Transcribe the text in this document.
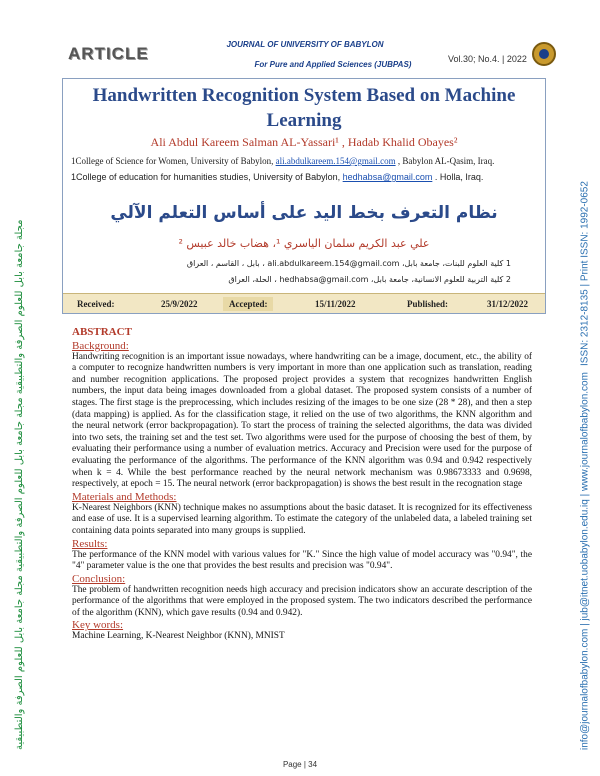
مجلة جامعة بابل للعلوم الصرفة والتطبيقية مجلة جامعة بابل للعلوم الصرفة والتطبيقية مجلة جامعة بابل للعلوم الصرفة والتطبيقية	info@journalofbabylon.com | jub@itnet.uobabylon.edu.iq | www.journalofbabylon.com
ISSN: 2312-8135 | Print ISSN: 1992-0652
ARTICLE	JOURNAL OF UNIVERSITY OF BABYLON
For Pure and Applied Sciences (JUBPAS)
Vol.30; No.4. | 2022
Handwritten Recognition System Based on Machine Learning
Ali Abdul Kareem Salman AL-Yassari¹ , Hadab Khalid Obayes²
1College of Science for Women, University of Babylon, ali.abdulkareem.154@gmail.com , Babylon AL-Qasim, Iraq.
1College of education for humanities studies, University of Babylon, hedhabsa@gmail.com . Holla, Iraq.
نظام التعرف بخط اليد على أساس التعلم الآلي
علي عبد الكريم سلمان الياسري ¹، هضاب خالد عبيس ²
1 كلية العلوم للبنات، جامعة بابل، ali.abdulkareem.154@gmail.com ، بابل ، القاسم ، العراق
2 كلية التربية للعلوم الانسانية، جامعة بابل، hedhabsa@gmail.com ، الحلة، العراق
Received:	25/9/2022	Accepted:	15/11/2022	Published:	31/12/2022
ABSTRACT
Background:

Handwriting recognition is an important issue nowadays, where handwriting can be a image, document, etc., the ability of a computer to recognize handwritten numbers is very important in more than one application such as translation, reading and number recognition applications. The proposed project provides a system that recognizes handwritten English numbers, the input data being images downloaded from a global dataset. The proposed system consists of a number of stages. The first stage is the preprocessing, which includes resizing of the images to be one size (28 * 28), and then a step (data mapping) is applied. As for the classification stage, it relied on the use of two algorithms, the KNN algorithm and the neural network (error backpropagation). To start the process of training the selected algorithms, the data was divided into two sets, the training set and the test set. Two algorithms were used for the purpose of choosing the best of them, by evaluating their performance using a number of evaluation metrics. Accuracy and Precision were used for the purpose of evaluating the performance of the algorithms. The performance of the KNN algorithm was 0.94 and 0.942 respectively when k = 4. While the best performance reached by the neural network mechanism was 0.98673333 and 0.9698, respectively, at epoch = 15. The neural network (error backpropagation) is shows the best result in the recognation stage

Materials and Methods:

K-Nearest Neighbors (KNN) technique makes no assumptions about the basic dataset. It is recognized for its effectiveness and ease of use. It is a supervised learning algorithm. To estimate the category of the unlabeled data, a labeled training set containing data points separated into many groups is supplied.

Results:

The performance of the KNN model with various values for "K." Since the high value of model accuracy was "0.94", the "4" parameter value is the one that provides the best results and precision was "0.94".

Conclusion:

The problem of handwritten recognition needs high accuracy and precision indicators show an accurate description of the performance of the algorithms that were employed in the proposed system. The two indicators described the performance of the algorithm (KNN), which gave results (0.94 and 0.942).

Key words:

Machine Learning, K-Nearest Neighbor (KNN), MNIST

Page | 34
